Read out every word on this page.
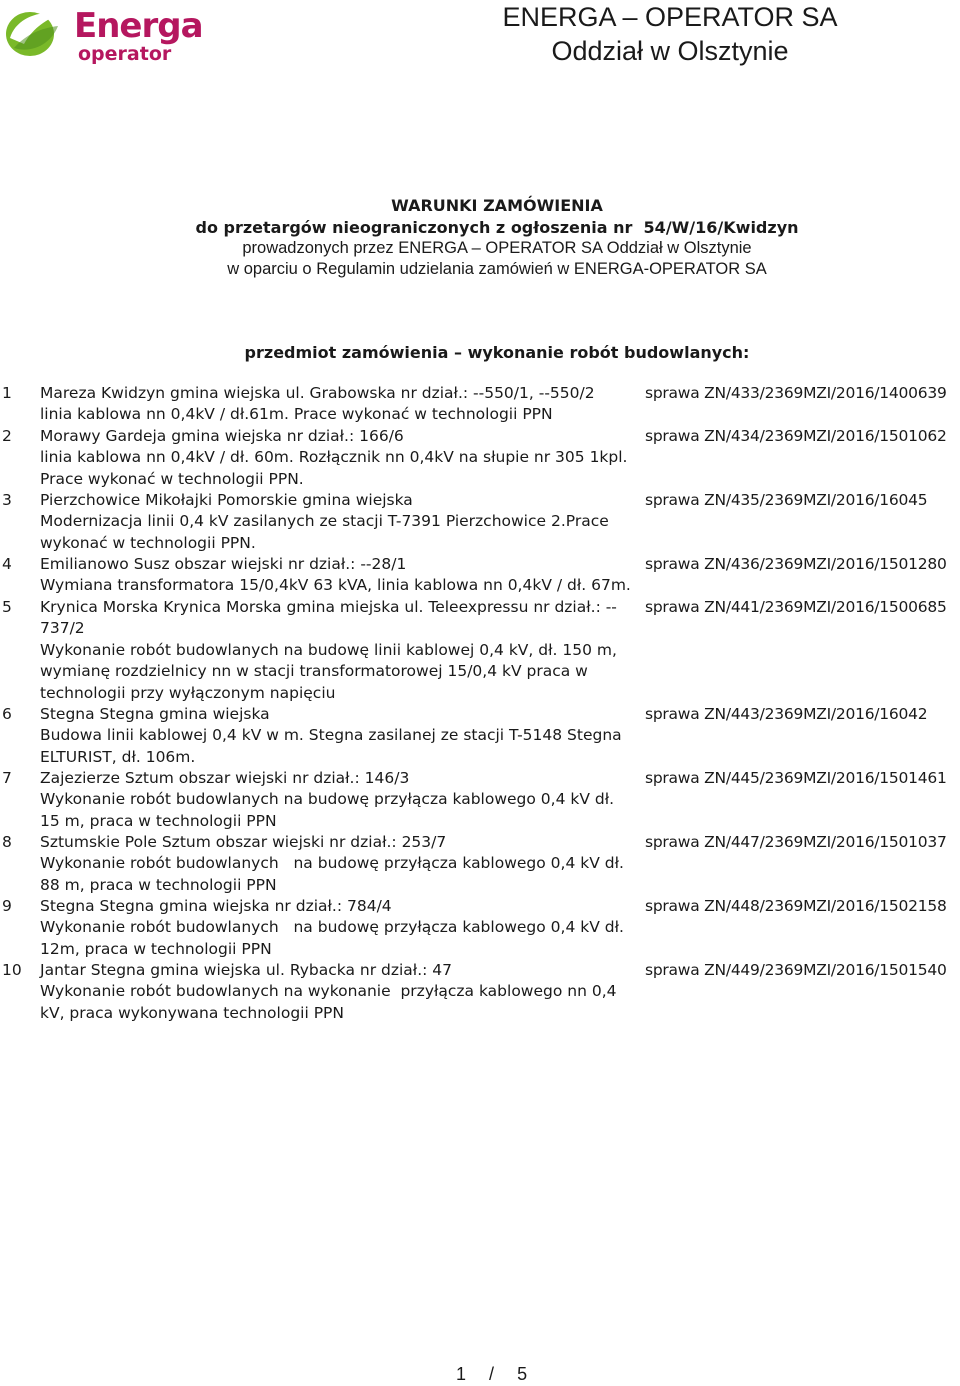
Energa
operator
ENERGA – OPERATOR SA
Oddział w Olsztynie
WARUNKI ZAMÓWIENIA
do przetargów nieograniczonych z ogłoszenia nr 54/W/16/Kwidzyn
prowadzonych przez ENERGA – OPERATOR SA Oddział w Olsztynie
w oparciu o Regulamin udzielania zamówień w ENERGA-OPERATOR SA
przedmiot zamówienia – wykonanie robót budowlanych:
1 Mareza Kwidzyn gmina wiejska ul. Grabowska nr dział.: --550/1, --550/2
linia kablowa nn 0,4kV / dł.61m. Prace wykonać w technologii PPN
sprawa ZN/433/2369MZI/2016/1400639
2 Morawy Gardeja gmina wiejska nr dział.: 166/6
linia kablowa nn 0,4kV / dł. 60m. Rozłącznik nn 0,4kV na słupie nr 305 1kpl.
Prace wykonać w technologii PPN.
sprawa ZN/434/2369MZI/2016/1501062
3 Pierzchowice Mikołajki Pomorskie gmina wiejska
Modernizacja linii 0,4 kV zasilanych ze stacji T-7391 Pierzchowice 2.Prace
wykonać w technologii PPN.
sprawa ZN/435/2369MZI/2016/16045
4 Emilianowo Susz obszar wiejski nr dział.: --28/1
Wymiana transformatora 15/0,4kV 63 kVA, linia kablowa nn 0,4kV / dł. 67m.
sprawa ZN/436/2369MZI/2016/1501280
5 Krynica Morska Krynica Morska gmina miejska ul. Teleexpressu nr dział.: --
737/2
Wykonanie robót budowlanych na budowę linii kablowej 0,4 kV, dł. 150 m,
wymianę rozdzielnicy nn w stacji transformatorowej 15/0,4 kV praca w
technologii przy wyłączonym napięciu
sprawa ZN/441/2369MZI/2016/1500685
6 Stegna Stegna gmina wiejska
Budowa linii kablowej 0,4 kV w m. Stegna zasilanej ze stacji T-5148 Stegna
ELTURIST, dł. 106m.
sprawa ZN/443/2369MZI/2016/16042
7 Zajezierze Sztum obszar wiejski nr dział.: 146/3
Wykonanie robót budowlanych na budowę przyłącza kablowego 0,4 kV dł.
15 m, praca w technologii PPN
sprawa ZN/445/2369MZI/2016/1501461
8 Sztumskie Pole Sztum obszar wiejski nr dział.: 253/7
Wykonanie robót budowlanych   na budowę przyłącza kablowego 0,4 kV dł.
88 m, praca w technologii PPN
sprawa ZN/447/2369MZI/2016/1501037
9 Stegna Stegna gmina wiejska nr dział.: 784/4
Wykonanie robót budowlanych   na budowę przyłącza kablowego 0,4 kV dł.
12m, praca w technologii PPN
sprawa ZN/448/2369MZI/2016/1502158
10 Jantar Stegna gmina wiejska ul. Rybacka nr dział.: 47
Wykonanie robót budowlanych na wykonanie  przyłącza kablowego nn 0,4
kV, praca wykonywana technologii PPN
sprawa ZN/449/2369MZI/2016/1501540
1 / 5
